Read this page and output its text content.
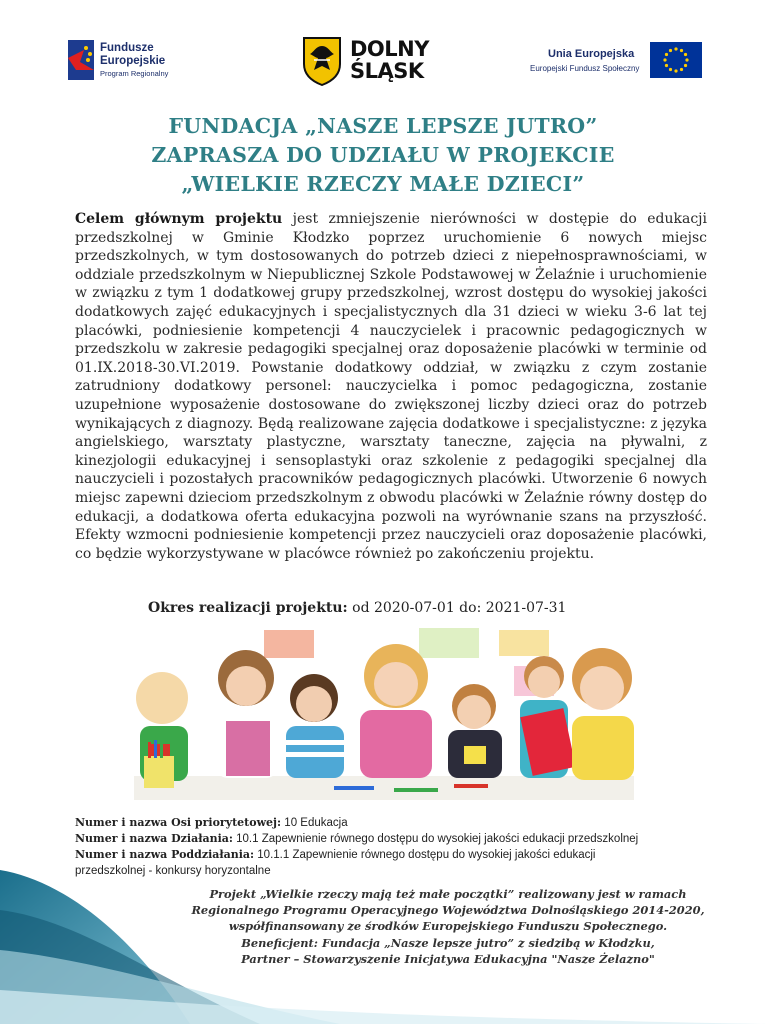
Fundusze
Europejskie
Program Regionalny
DOLNY
ŚLĄSK
Unia Europejska
Europejski Fundusz Społeczny
FUNDACJA „NASZE LEPSZE JUTRO”
ZAPRASZA DO UDZIAŁU W PROJEKCIE
„WIELKIE RZECZY MAŁE DZIECI”
Celem głównym projektu jest zmniejszenie nierówności w dostępie do edukacji przedszkolnej w Gminie Kłodzko poprzez uruchomienie 6 nowych miejsc przedszkolnych, w tym dostosowanych do potrzeb dzieci z niepełnosprawnościami, w oddziale przedszkolnym w Niepublicznej Szkole Podstawowej w Żelaźnie i uruchomienie w związku z tym 1 dodatkowej grupy przedszkolnej, wzrost dostępu do wysokiej jakości dodatkowych zajęć edukacyjnych i specjalistycznych dla 31 dzieci w wieku 3-6 lat tej placówki, podniesienie kompetencji 4 nauczycielek i pracownic pedagogicznych w przedszkolu w zakresie pedagogiki specjalnej oraz doposażenie placówki w terminie od 01.IX.2018-30.VI.2019. Powstanie dodatkowy oddział, w związku z czym zostanie zatrudniony dodatkowy personel: nauczycielka i pomoc pedagogiczna, zostanie uzupełnione wyposażenie dostosowane do zwiększonej liczby dzieci oraz do potrzeb wynikających z diagnozy. Będą realizowane zajęcia dodatkowe i specjalistyczne: z języka angielskiego, warsztaty plastyczne, warsztaty taneczne, zajęcia na pływalni, z kinezjologii edukacyjnej i sensoplastyki oraz szkolenie z pedagogiki specjalnej dla nauczycieli i pozostałych pracowników pedagogicznych placówki. Utworzenie 6 nowych miejsc zapewni dzieciom przedszkolnym z obwodu placówki w Żelaźnie równy dostęp do edukacji, a dodatkowa oferta edukacyjna pozwoli na wyrównanie szans na przyszłość. Efekty wzmocni podniesienie kompetencji przez nauczycieli oraz doposażenie placówki, co będzie wykorzystywane w placówce również po zakończeniu projektu.
Okres realizacji projektu: od 2020-07-01 do: 2021-07-31
Numer i nazwa Osi priorytetowej: 10 Edukacja
Numer i nazwa Działania: 10.1 Zapewnienie równego dostępu do wysokiej jakości edukacji przedszkolnej
Numer i nazwa Poddziałania: 10.1.1 Zapewnienie równego dostępu do wysokiej jakości edukacji
przedszkolnej - konkursy horyzontalne
Projekt „Wielkie rzeczy mają też małe początki” realizowany jest w ramach
Regionalnego Programu Operacyjnego Województwa Dolnośląskiego 2014-2020,
współfinansowany ze środków Europejskiego Funduszu Społecznego.
Beneficjent: Fundacja „Nasze lepsze jutro” z siedzibą w Kłodzku,
Partner – Stowarzyszenie Inicjatywa Edukacyjna "Nasze Żelazno"
